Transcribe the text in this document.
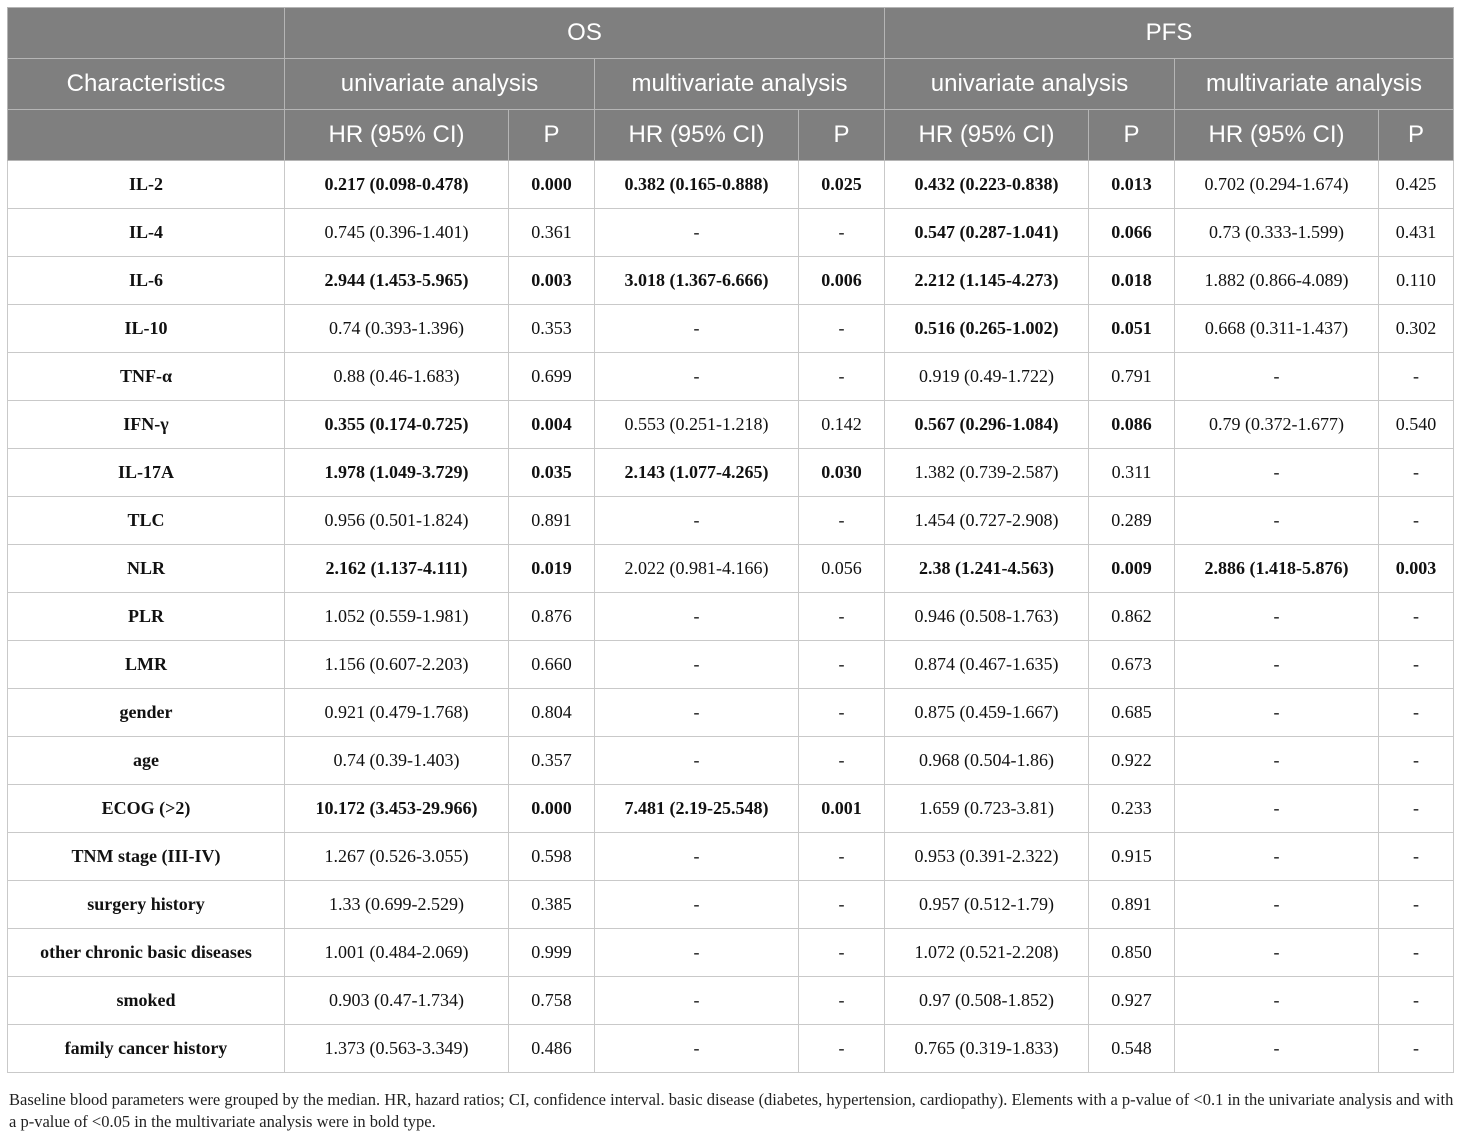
	OS				PFS			
Characteristics	univariate analysis		multivariate analysis		univariate analysis		multivariate analysis	
	HR (95% CI)	P	HR (95% CI)	P	HR (95% CI)	P	HR (95% CI)	P
IL-2	0.217 (0.098-0.478)	0.000	0.382 (0.165-0.888)	0.025	0.432 (0.223-0.838)	0.013	0.702 (0.294-1.674)	0.425
IL-4	0.745 (0.396-1.401)	0.361	-	-	0.547 (0.287-1.041)	0.066	0.73 (0.333-1.599)	0.431
IL-6	2.944 (1.453-5.965)	0.003	3.018 (1.367-6.666)	0.006	2.212 (1.145-4.273)	0.018	1.882 (0.866-4.089)	0.110
IL-10	0.74 (0.393-1.396)	0.353	-	-	0.516 (0.265-1.002)	0.051	0.668 (0.311-1.437)	0.302
TNF-α	0.88 (0.46-1.683)	0.699	-	-	0.919 (0.49-1.722)	0.791	-	-
IFN-γ	0.355 (0.174-0.725)	0.004	0.553 (0.251-1.218)	0.142	0.567 (0.296-1.084)	0.086	0.79 (0.372-1.677)	0.540
IL-17A	1.978 (1.049-3.729)	0.035	2.143 (1.077-4.265)	0.030	1.382 (0.739-2.587)	0.311	-	-
TLC	0.956 (0.501-1.824)	0.891	-	-	1.454 (0.727-2.908)	0.289	-	-
NLR	2.162 (1.137-4.111)	0.019	2.022 (0.981-4.166)	0.056	2.38 (1.241-4.563)	0.009	2.886 (1.418-5.876)	0.003
PLR	1.052 (0.559-1.981)	0.876	-	-	0.946 (0.508-1.763)	0.862	-	-
LMR	1.156 (0.607-2.203)	0.660	-	-	0.874 (0.467-1.635)	0.673	-	-
gender	0.921 (0.479-1.768)	0.804	-	-	0.875 (0.459-1.667)	0.685	-	-
age	0.74 (0.39-1.403)	0.357	-	-	0.968 (0.504-1.86)	0.922	-	-
ECOG (>2)	10.172 (3.453-29.966)	0.000	7.481 (2.19-25.548)	0.001	1.659 (0.723-3.81)	0.233	-	-
TNM stage (III-IV)	1.267 (0.526-3.055)	0.598	-	-	0.953 (0.391-2.322)	0.915	-	-
surgery history	1.33 (0.699-2.529)	0.385	-	-	0.957 (0.512-1.79)	0.891	-	-
other chronic basic diseases	1.001 (0.484-2.069)	0.999	-	-	1.072 (0.521-2.208)	0.850	-	-
smoked	0.903 (0.47-1.734)	0.758	-	-	0.97 (0.508-1.852)	0.927	-	-
family cancer history	1.373 (0.563-3.349)	0.486	-	-	0.765 (0.319-1.833)	0.548	-	-
Baseline blood parameters were grouped by the median. HR, hazard ratios; CI, confidence interval. basic disease (diabetes, hypertension, cardiopathy). Elements with a p-value of <0.1 in the univariate analysis and with a p-value of <0.05 in the multivariate analysis were in bold type.
